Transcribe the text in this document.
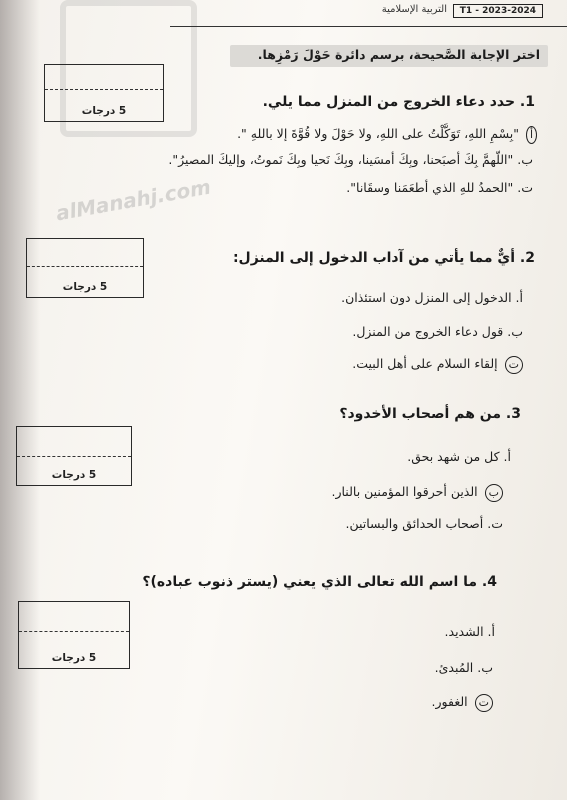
التربية الإسلامية	T1 - 2023-2024
alManahj.com
اختر الإجابة الصَّحيحة، برسم دائرة حَوْلَ رَمْزِها.
5 درجات
5 درجات
5 درجات
5 درجات
1. حدد دعاء الخروج من المنزل مما يلي.
أ "بِسْمِ اللهِ، تَوَكَّلْتُ على اللهِ، ولا حَوْلَ ولا قُوَّةَ إلا باللهِ ".
ب. "اللّهمَّ بِكَ أصبَحنا، وبِكَ أمسَينا، وبِكَ نَحيا وبِكَ نَموتُ، وإليكَ المصيرُ".
ت. "الحمدُ للهِ الذي أطعَمَنا وسقَانا".
2. أيٌّ مما يأتي من آداب الدخول إلى المنزل:
أ. الدخول إلى المنزل دون استئذان.
ب. قول دعاء الخروج من المنزل.
ت إلقاء السلام على أهل البيت.
3. من هم أصحاب الأخدود؟
أ. كل من شهد بحق.
ب الذين أحرقوا المؤمنين بالنار.
ت. أصحاب الحدائق والبساتين.
4. ما اسم الله تعالى الذي يعني (يستر ذنوب عباده)؟
أ. الشديد.
ب. المُبدئ.
ت الغفور.
